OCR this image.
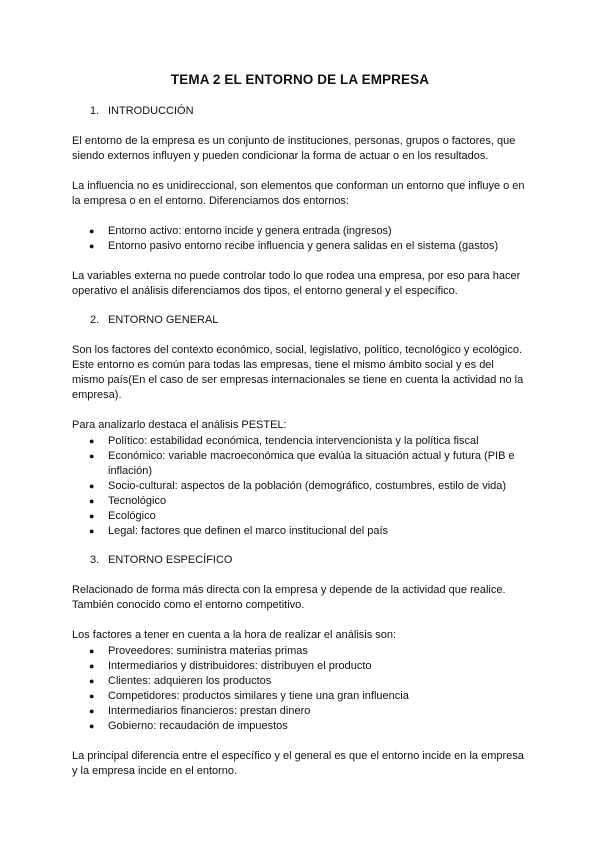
TEMA 2 EL ENTORNO DE LA EMPRESA
1. INTRODUCCIÓN

El entorno de la empresa es un conjunto de instituciones, personas, grupos o factores, que siendo externos influyen y pueden condicionar la forma de actuar o en los resultados.

La influencia no es unidireccional, son elementos que conforman un entorno que influye o en la empresa o en el entorno. Diferenciamos dos entornos:

● Entorno activo: entorno incide y genera entrada (ingresos)
● Entorno pasivo entorno recibe influencia y genera salidas en el sistema (gastos)

La variables externa no puede controlar todo lo que rodea una empresa, por eso para hacer operativo el análisis diferenciamos dos tipos, el entorno general y el específico.

2. ENTORNO GENERAL

Son los factores del contexto económico, social, legislativo, político, tecnológico y ecológico. Este entorno es común para todas las empresas, tiene el mismo ámbito social y es del mismo país(En el caso de ser empresas internacionales se tiene en cuenta la actividad no la empresa).

Para analizarlo destaca el análisis PESTEL:

● Político: estabilidad económica, tendencia intervencionista y la política fiscal
● Económico: variable macroeconómica que evalúa la situación actual y futura (PIB e inflación)
● Socio-cultural: aspectos de la población (demográfico, costumbres, estilo de vida)
● Tecnológico
● Ecológico
● Legal: factores que definen el marco institucional del país
3. ENTORNO ESPECÍFICO

Relacionado de forma más directa con la empresa y depende de la actividad que realice. También conocido como el entorno competitivo.

Los factores a tener en cuenta a la hora de realizar el análisis son:

● Proveedores: suministra materias primas
● Intermediarios y distribuidores: distribuyen el producto
● Clientes: adquieren los productos
● Competidores: productos similares y tiene una gran influencia
● Intermediarios financieros: prestan dinero
● Gobierno: recaudación de impuestos

La principal diferencia entre el específico y el general es que el entorno incide en la empresa y la empresa incide en el entorno.
